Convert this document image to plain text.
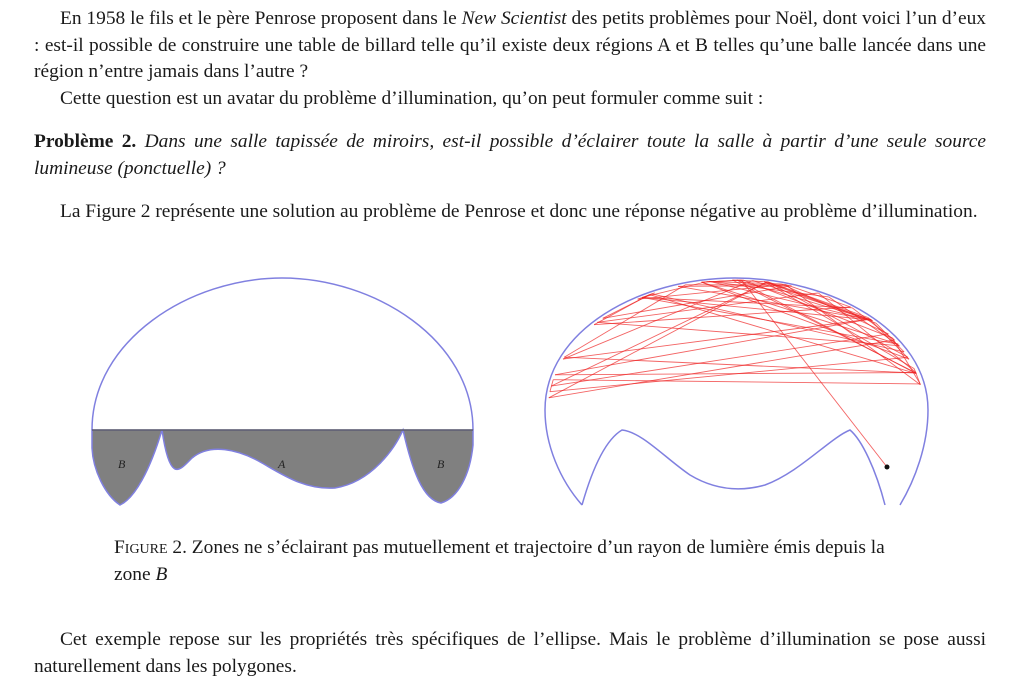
En 1958 le fils et le père Penrose proposent dans le New Scientist des petits problèmes pour Noël, dont voici l’un d’eux : est-il possible de construire une table de billard telle qu’il existe deux régions A et B telles qu’une balle lancée dans une région n’entre jamais dans l’autre ?

Cette question est un avatar du problème d’illumination, qu’on peut formuler comme suit :

Problème 2. Dans une salle tapissée de miroirs, est-il possible d’éclairer toute la salle à partir d’une seule source lumineuse (ponctuelle) ?

La Figure 2 représente une solution au problème de Penrose et donc une réponse négative au problème d’illumination.

B	A	B

Figure 2. Zones ne s’éclairant pas mutuellement et trajectoire d’un rayon de lumière émis depuis la zone B

Cet exemple repose sur les propriétés très spécifiques de l’ellipse. Mais le problème d’illumination se pose aussi naturellement dans les polygones.
